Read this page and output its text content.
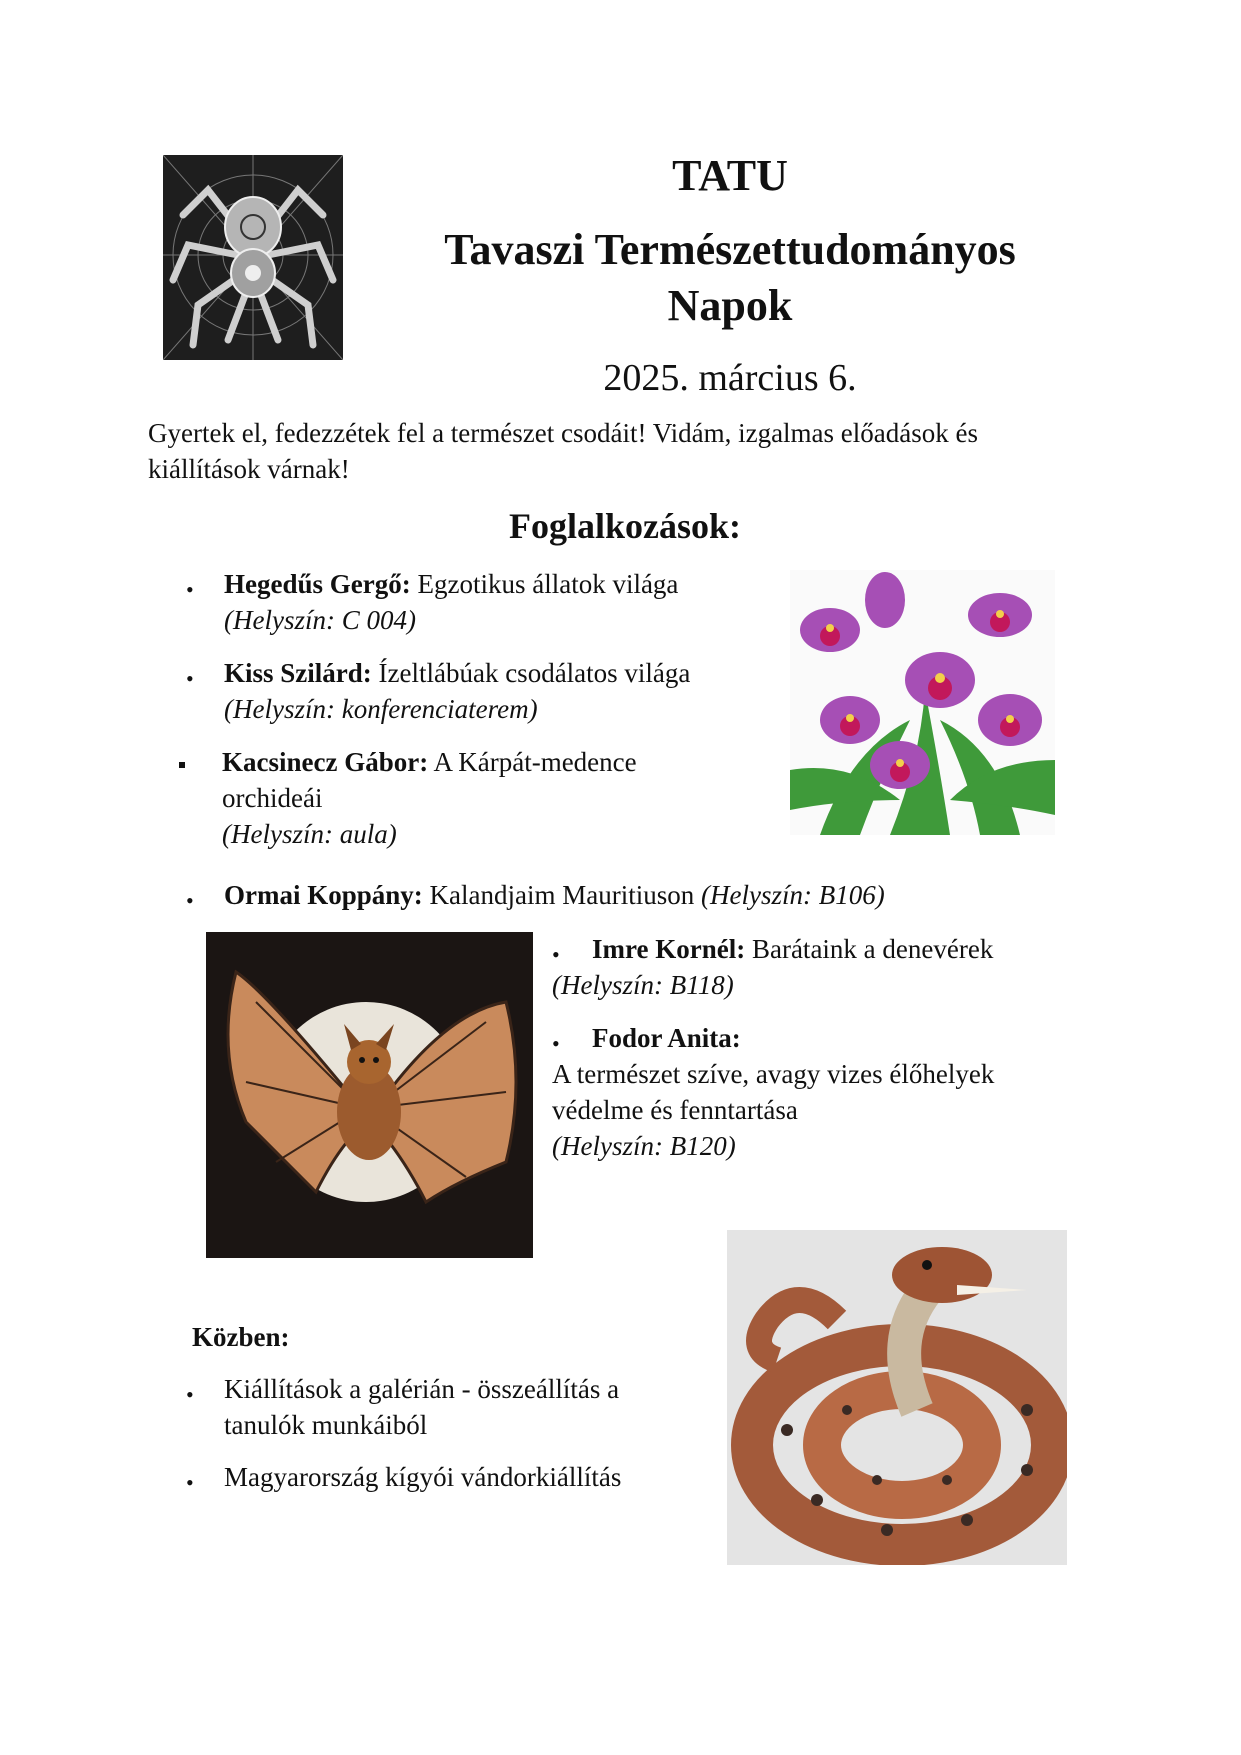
TATU
Tavaszi Természettudományos
Napok
2025. március 6.
Gyertek el, fedezzétek fel a természet csodáit! Vidám, izgalmas előadások és
kiállítások várnak!
Foglalkozások:
• Hegedűs Gergő: Egzotikus állatok világa
(Helyszín: C 004)
• Kiss Szilárd: Ízeltlábúak csodálatos világa
(Helyszín: konferenciaterem)
Kacsinecz Gábor: A Kárpát-medence
orchideái
(Helyszín: aula)
• Ormai Koppány: Kalandjaim Mauritiuson (Helyszín: B106)
•	Imre Kornél: Barátaink a denevérek
(Helyszín: B118)
•	Fodor Anita:
A természet szíve, avagy vizes élőhelyek
védelme és fenntartása
(Helyszín: B120)
Közben:
• Kiállítások a galérián - összeállítás a
tanulók munkáiból
• Magyarország kígyói vándorkiállítás
